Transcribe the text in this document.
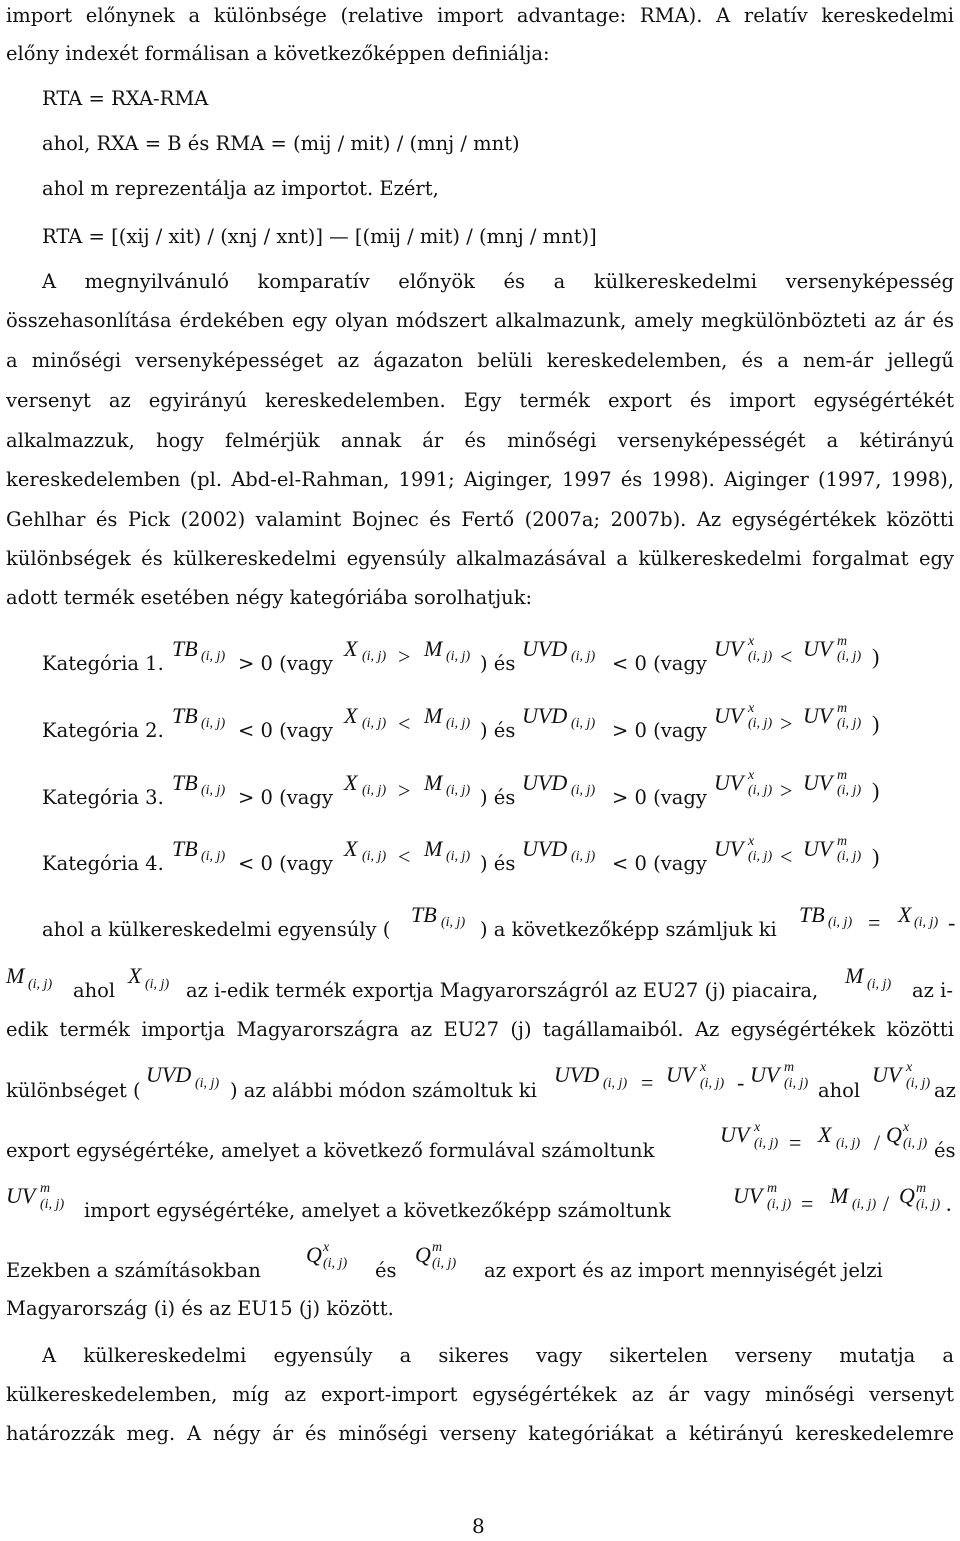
import előnynek a különbsége (relative import advantage: RMA). A relatív kereskedelmi
előny indexét formálisan a következőképpen definiálja:
RTA = RXA-RMA
ahol, RXA = B és RMA = (mij / mit) / (mnj / mnt)
ahol m reprezentálja az importot. Ezért,
RTA = [(xij / xit) / (xnj / xnt)] — [(mij / mit) / (mnj / mnt)]
A megnyilvánuló komparatív előnyök és a külkereskedelmi versenyképesség
összehasonlítása érdekében egy olyan módszert alkalmazunk, amely megkülönbözteti az ár és
a minőségi versenyképességet az ágazaton belüli kereskedelemben, és a nem-ár jellegű
versenyt az egyirányú kereskedelemben. Egy termék export és import egységértékét
alkalmazzuk, hogy felmérjük annak ár és minőségi versenyképességét a kétirányú
kereskedelemben (pl. Abd-el-Rahman, 1991; Aiginger, 1997 és 1998). Aiginger (1997, 1998),
Gehlhar és Pick (2002) valamint Bojnec és Fertő (2007a; 2007b). Az egységértékek közötti
különbségek és külkereskedelmi egyensúly alkalmazásával a külkereskedelmi forgalmat egy
adott termék esetében négy kategóriába sorolhatjuk:
Kategória 1.
TB (i, j) > 0 (vagy
X (i, j) > M (i, j) ) és
UVD (i, j) < 0 (vagy
UV x
(i, j) < UV m
(i, j) )
Kategória 2.
TB (i, j) < 0 (vagy
X (i, j) < M (i, j) ) és
UVD (i, j) > 0 (vagy
UV x
(i, j) > UV m
(i, j) )
Kategória 3.
TB (i, j) > 0 (vagy
X (i, j) > M (i, j) ) és
UVD (i, j) > 0 (vagy
UV x
(i, j) > UV m
(i, j) )
Kategória 4.
TB (i, j) < 0 (vagy
X (i, j) < M (i, j) ) és
UVD (i, j) < 0 (vagy
UV x
(i, j) < UV m
(i, j) )
ahol a külkereskedelmi egyensúly (
TB (i, j) ) a következőképp számljuk ki
TB (i, j) = X (i, j) -
M (i, j) ahol
X (i, j) az i-edik termék exportja Magyarországról az EU27 (j) piacaira,
M (i, j) az i-
edik termék importja Magyarországra az EU27 (j) tagállamaiból. Az egységértékek közötti
különbséget (
UVD (i, j) ) az alábbi módon számoltuk ki
UVD (i, j) = UV x
(i, j) - UV m
(i, j) ahol
UV x
(i, j) az
export egységértéke, amelyet a következő formulával számoltunk
UV x
(i, j) = X (i, j) / Q x
(i, j) és
UV m
(i, j) import egységértéke, amelyet a következőképp számoltunk
UV m
(i, j) = M (i, j) / Q m
(i, j) .
Ezekben a számításokban
Q x
(i, j) és
Q m
(i, j) az export és az import mennyiségét jelzi
Magyarország (i) és az EU15 (j) között.
A külkereskedelmi egyensúly a sikeres vagy sikertelen verseny mutatja a
külkereskedelemben, míg az export-import egységértékek az ár vagy minőségi versenyt
határozzák meg. A négy ár és minőségi verseny kategóriákat a kétirányú kereskedelemre
8
